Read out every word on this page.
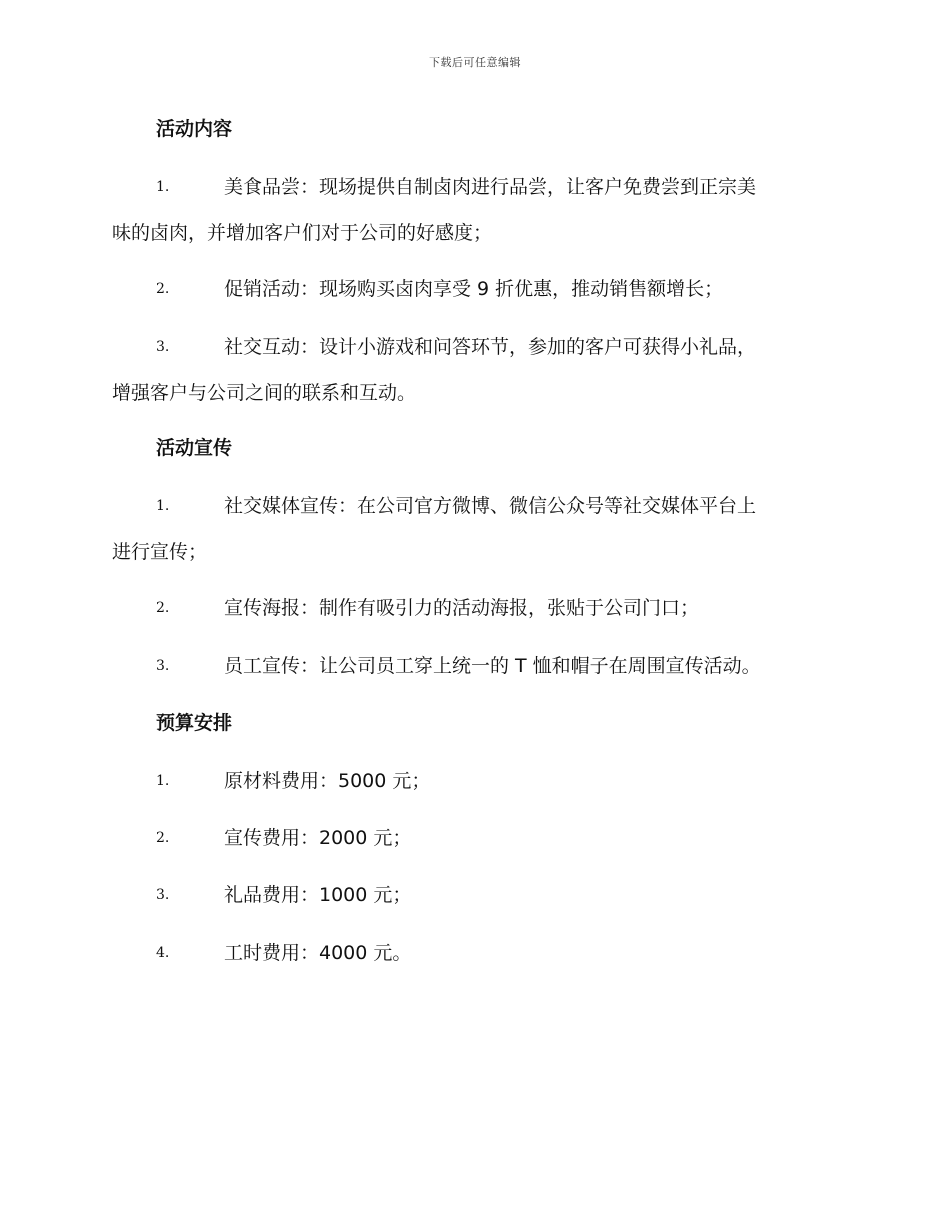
下载后可任意编辑
活动内容
1.	美食品尝：现场提供自制卤肉进行品尝，让客户免费尝到正宗美
味的卤肉，并增加客户们对于公司的好感度；
2.	促销活动：现场购买卤肉享受 9 折优惠，推动销售额增长；
3.	社交互动：设计小游戏和问答环节，参加的客户可获得小礼品，
增强客户与公司之间的联系和互动。
活动宣传
1.	社交媒体宣传：在公司官方微博、微信公众号等社交媒体平台上
进行宣传；
2.	宣传海报：制作有吸引力的活动海报，张贴于公司门口；
3.	员工宣传：让公司员工穿上统一的 T 恤和帽子在周围宣传活动。
预算安排
1.	原材料费用：5000 元；
2.	宣传费用：2000 元；
3.	礼品费用：1000 元；
4.	工时费用：4000 元。
